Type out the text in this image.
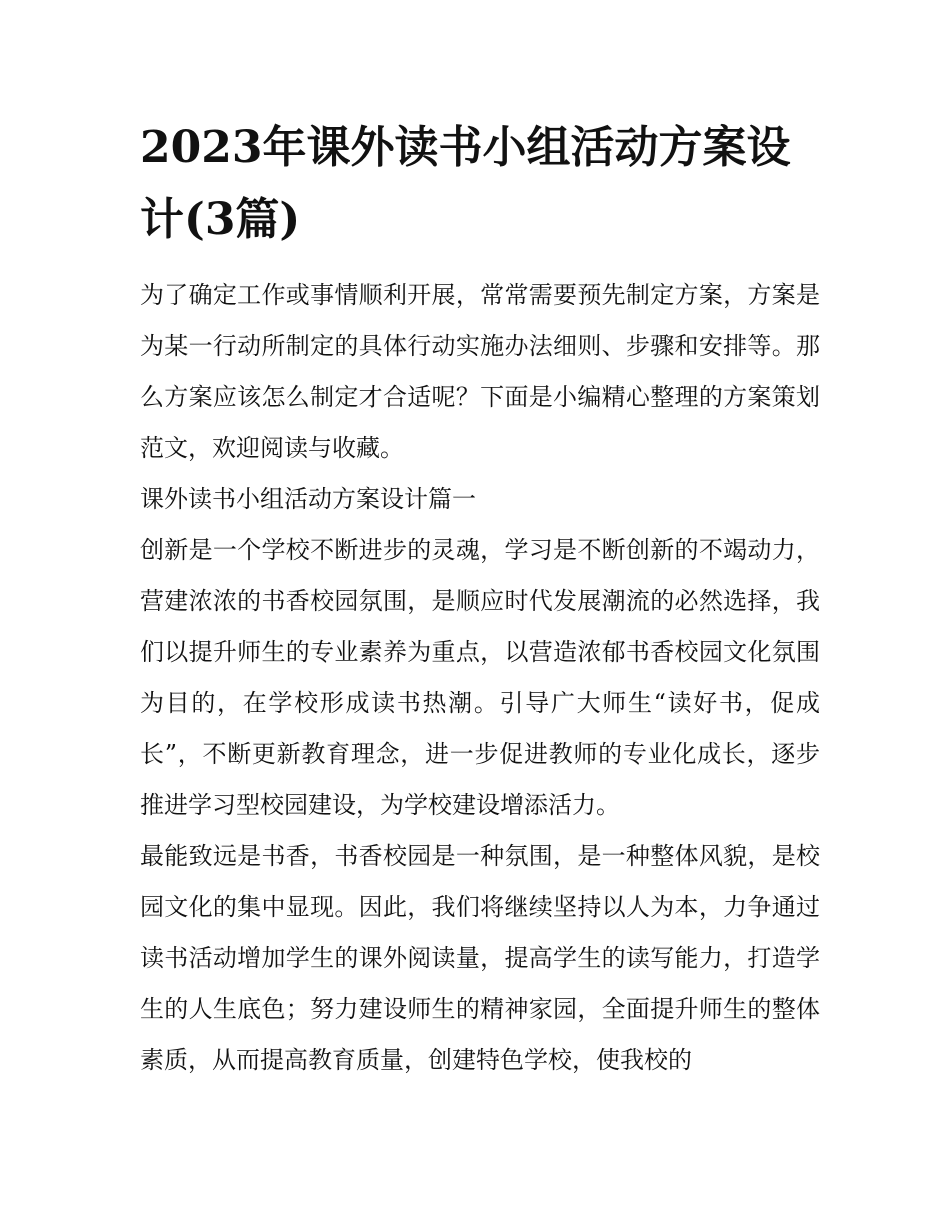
2023年课外读书小组活动方案设计(3篇)

为了确定工作或事情顺利开展，常常需要预先制定方案，方案是为某一行动所制定的具体行动实施办法细则、步骤和安排等。那么方案应该怎么制定才合适呢？下面是小编精心整理的方案策划范文，欢迎阅读与收藏。

课外读书小组活动方案设计篇一

创新是一个学校不断进步的灵魂，学习是不断创新的不竭动力，营建浓浓的书香校园氛围，是顺应时代发展潮流的必然选择，我们以提升师生的专业素养为重点，以营造浓郁书香校园文化氛围为目的，在学校形成读书热潮。引导广大师生“读好书，促成长”，不断更新教育理念，进一步促进教师的专业化成长，逐步推进学习型校园建设，为学校建设增添活力。

最能致远是书香，书香校园是一种氛围，是一种整体风貌，是校园文化的集中显现。因此，我们将继续坚持以人为本，力争通过读书活动增加学生的课外阅读量，提高学生的读写能力，打造学生的人生底色；努力建设师生的精神家园，全面提升师生的整体素质，从而提高教育质量，创建特色学校，使我校的
